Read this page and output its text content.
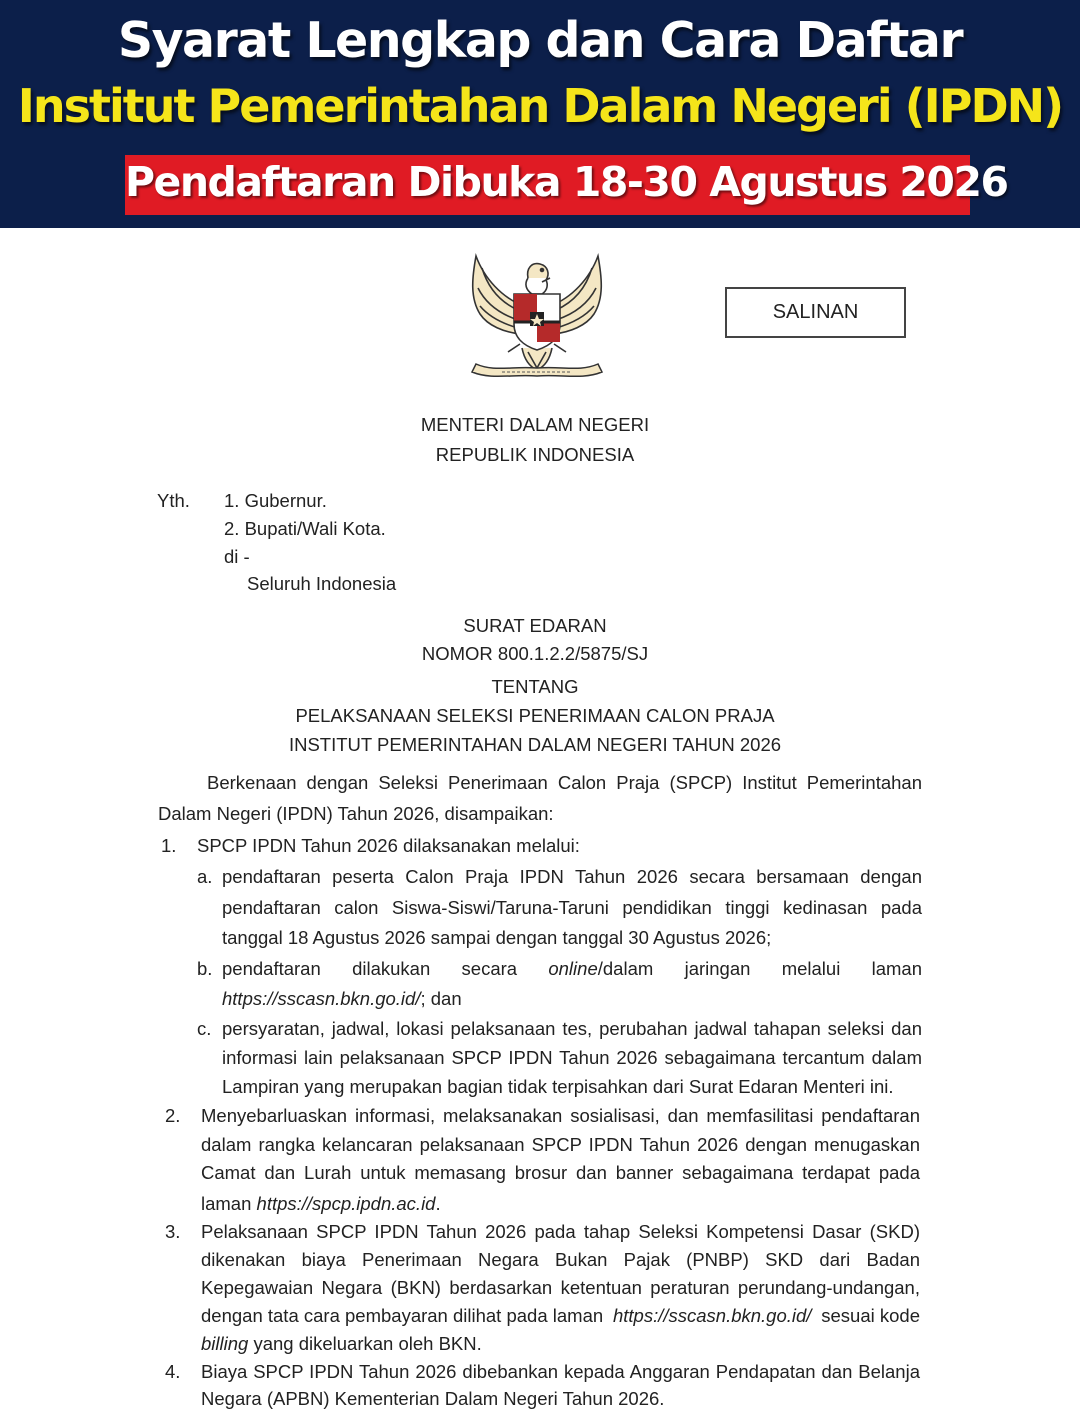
Syarat Lengkap dan Cara Daftar
Institut Pemerintahan Dalam Negeri (IPDN)
Pendaftaran Dibuka 18-30 Agustus 2026
SALINAN
MENTERI DALAM NEGERI
REPUBLIK INDONESIA
Yth. 1. Gubernur.
2. Bupati/Wali Kota.
di -
Seluruh Indonesia
SURAT EDARAN
NOMOR 800.1.2.2/5875/SJ
TENTANG
PELAKSANAAN SELEKSI PENERIMAAN CALON PRAJA
INSTITUT PEMERINTAHAN DALAM NEGERI TAHUN 2026
Berkenaan dengan Seleksi Penerimaan Calon Praja (SPCP) Institut Pemerintahan
Dalam Negeri (IPDN) Tahun 2026, disampaikan:
1. SPCP IPDN Tahun 2026 dilaksanakan melalui:
a. pendaftaran peserta Calon Praja IPDN Tahun 2026 secara bersamaan dengan
pendaftaran calon Siswa-Siswi/Taruna-Taruni pendidikan tinggi kedinasan pada
tanggal 18 Agustus 2026 sampai dengan tanggal 30 Agustus 2026;
b. pendaftaran dilakukan secara online/dalam jaringan melalui laman
https://sscasn.bkn.go.id/; dan
c. persyaratan, jadwal, lokasi pelaksanaan tes, perubahan jadwal tahapan seleksi dan
informasi lain pelaksanaan SPCP IPDN Tahun 2026 sebagaimana tercantum dalam
Lampiran yang merupakan bagian tidak terpisahkan dari Surat Edaran Menteri ini.
2. Menyebarluaskan informasi, melaksanakan sosialisasi, dan memfasilitasi pendaftaran
dalam rangka kelancaran pelaksanaan SPCP IPDN Tahun 2026 dengan menugaskan
Camat dan Lurah untuk memasang brosur dan banner sebagaimana terdapat pada
laman https://spcp.ipdn.ac.id.
3. Pelaksanaan SPCP IPDN Tahun 2026 pada tahap Seleksi Kompetensi Dasar (SKD)
dikenakan biaya Penerimaan Negara Bukan Pajak (PNBP) SKD dari Badan
Kepegawaian Negara (BKN) berdasarkan ketentuan peraturan perundang-undangan,
dengan tata cara pembayaran dilihat pada laman https://sscasn.bkn.go.id/ sesuai kode
billing yang dikeluarkan oleh BKN.
4. Biaya SPCP IPDN Tahun 2026 dibebankan kepada Anggaran Pendapatan dan Belanja
Negara (APBN) Kementerian Dalam Negeri Tahun 2026.
